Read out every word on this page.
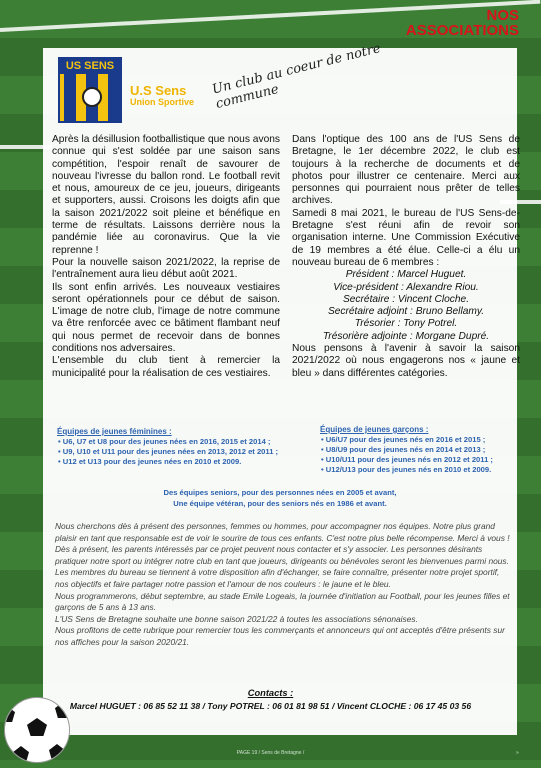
NOS
ASSOCIATIONS
US SENS
U.S Sens
Union Sportive
Un club au coeur de notre commune

Après la désillusion footballistique que nous avons connue qui s'est soldée par une saison sans compétition, l'espoir renaît de savourer de nouveau l'ivresse du ballon rond. Le football revit et nous, amoureux de ce jeu, joueurs, dirigeants et supporters, aussi. Croisons les doigts afin que la saison 2021/2022 soit pleine et bénéfique en terme de résultats. Laissons derrière nous la pandémie liée au coronavirus. Que la vie reprenne !

Pour la nouvelle saison 2021/2022, la reprise de l'entraînement aura lieu début août 2021.

Ils sont enfin arrivés. Les nouveaux vestiaires seront opérationnels pour ce début de saison. L'image de notre club, l'image de notre commune va être renforcée avec ce bâtiment flambant neuf qui nous permet de recevoir dans de bonnes conditions nos adversaires.

L'ensemble du club tient à remercier la municipalité pour la réalisation de ces vestiaires.

Dans l'optique des 100 ans de l'US Sens de Bretagne, le 1er décembre 2022, le club est toujours à la recherche de documents et de photos pour illustrer ce centenaire. Merci aux personnes qui pourraient nous prêter de telles archives.

Samedi 8 mai 2021, le bureau de l'US Sens-de-Bretagne s'est réuni afin de revoir son organisation interne. Une Commission Exécutive de 19 membres a été élue. Celle-ci a élu un nouveau bureau de 6 membres :

Président : Marcel Huguet.

Vice-président : Alexandre Riou.

Secrétaire : Vincent Cloche.

Secrétaire adjoint : Bruno Bellamy.

Trésorier : Tony Potrel.

Trésorière adjointe : Morgane Dupré.

Nous pensons à l'avenir à savoir la saison 2021/2022 où nous engagerons nos « jaune et bleu » dans différentes catégories.

Équipes de jeunes féminines :
• U6, U7 et U8 pour des jeunes nées en 2016, 2015 et 2014 ;
• U9, U10 et U11 pour des jeunes nées en 2013, 2012 et 2011 ;
• U12 et U13 pour des jeunes nées en 2010 et 2009.
Équipes de jeunes garçons :
• U6/U7 pour des jeunes nés en 2016 et 2015 ;
• U8/U9 pour des jeunes nés en 2014 et 2013 ;
• U10/U11 pour des jeunes nés en 2012 et 2011 ;
• U12/U13 pour des jeunes nés en 2010 et 2009.
Des équipes seniors, pour des personnes nées en 2005 et avant,
Une équipe vétéran, pour des seniors nés en 1986 et avant.

Nous cherchons dès à présent des personnes, femmes ou hommes, pour accompagner nos équipes. Notre plus grand plaisir en tant que responsable est de voir le sourire de tous ces enfants. C'est notre plus belle récompense. Merci à vous !

Dès à présent, les parents intéressés par ce projet peuvent nous contacter et s'y associer. Les personnes désirants pratiquer notre sport ou intégrer notre club en tant que joueurs, dirigeants ou bénévoles seront les bienvenues parmi nous. Les membres du bureau se tiennent à votre disposition afin d'échanger, se faire connaître, présenter notre projet sportif, nos objectifs et faire partager notre passion et l'amour de nos couleurs : le jaune et le bleu.

Nous programmerons, début septembre, au stade Emile Logeais, la journée d'initiation au Football, pour les jeunes filles et garçons de 5 ans à 13 ans.

L'US Sens de Bretagne souhaite une bonne saison 2021/22 à toutes les associations sénonaises.

Nous profitons de cette rubrique pour remercier tous les commerçants et annonceurs qui ont acceptés d'être présents sur nos affiches pour la saison 2020/21.

Contacts :
Marcel HUGUET : 06 85 52 11 38 / Tony POTREL : 06 01 81 98 51 / Vincent CLOCHE : 06 17 45 03 56
PAGE 19 / Sens de Bretagne /	»
